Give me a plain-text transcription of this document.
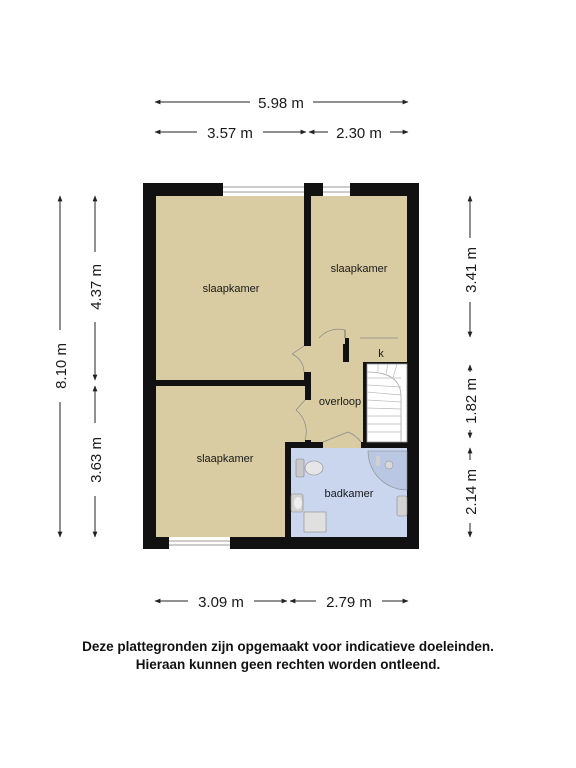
5.98 m
3.57 m	2.30 m
8.10 m
4.37 m
3.63 m
3.41 m
1.82 m
2.14 m
3.09 m	2.79 m
slaapkamer
slaapkamer
slaapkamer
overloop
badkamer
k
Deze plattegronden zijn opgemaakt voor indicatieve doeleinden.
Hieraan kunnen geen rechten worden ontleend.
